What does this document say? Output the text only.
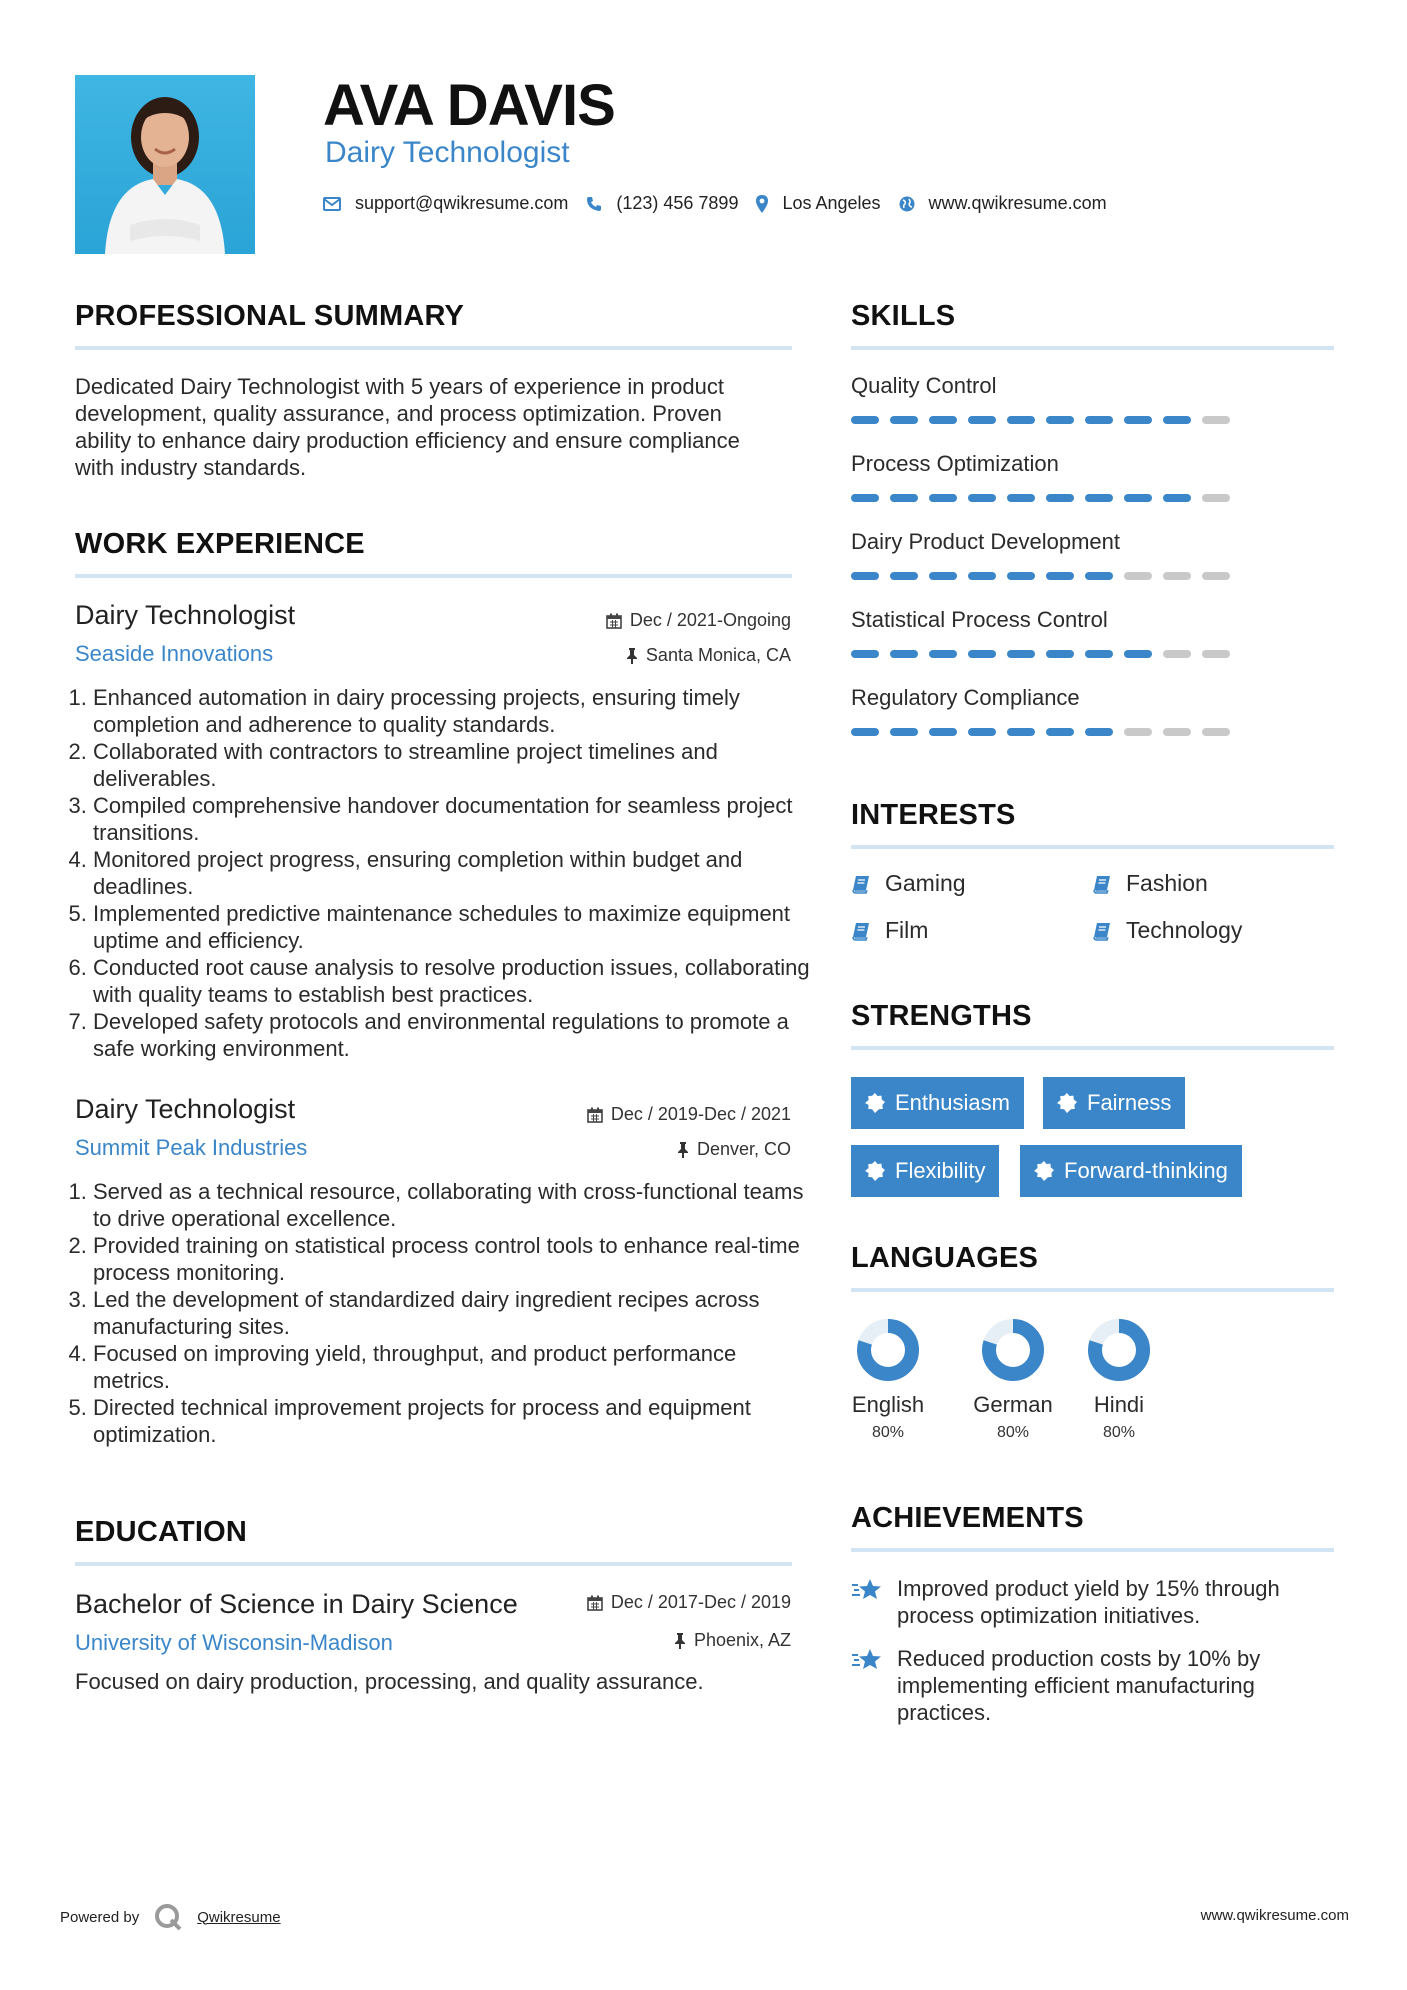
AVA DAVIS
Dairy Technologist
support@qwikresume.com	(123) 456 7899 Los Angeles	www.qwikresume.com
PROFESSIONAL SUMMARY
Dedicated Dairy Technologist with 5 years of experience in product
development, quality assurance, and process optimization. Proven
ability to enhance dairy production efficiency and ensure compliance
with industry standards.
WORK EXPERIENCE
Dairy Technologist	Dec / 2021-Ongoing
Seaside Innovations	Santa Monica, CA
1. Enhanced automation in dairy processing projects, ensuring timely completion and adherence to quality standards.
2. Collaborated with contractors to streamline project timelines and deliverables.
3. Compiled comprehensive handover documentation for seamless project transitions.
4. Monitored project progress, ensuring completion within budget and deadlines.
5. Implemented predictive maintenance schedules to maximize equipment uptime and efficiency.
6. Conducted root cause analysis to resolve production issues, collaborating with quality teams to establish best practices.
7. Developed safety protocols and environmental regulations to promote a safe working environment.
Dairy Technologist	Dec / 2019-Dec / 2021
Summit Peak Industries	Denver, CO
1. Served as a technical resource, collaborating with cross-functional teams to drive operational excellence.
2. Provided training on statistical process control tools to enhance real-time process monitoring.
3. Led the development of standardized dairy ingredient recipes across manufacturing sites.
4. Focused on improving yield, throughput, and product performance metrics.
5. Directed technical improvement projects for process and equipment optimization.
EDUCATION
Bachelor of Science in Dairy Science	Dec / 2017-Dec / 2019
University of Wisconsin-Madison	Phoenix, AZ
Focused on dairy production, processing, and quality assurance.
SKILLS
Quality Control
Process Optimization
Dairy Product Development
Statistical Process Control
Regulatory Compliance
INTERESTS
Gaming	Fashion
Film	Technology
STRENGTHS
Enthusiasm	Fairness
Flexibility	Forward-thinking
LANGUAGES
English
80%
German
80%
Hindi
80%
ACHIEVEMENTS
Improved product yield by 15% through
process optimization initiatives.
Reduced production costs by 10% by
implementing efficient manufacturing
practices.
Powered by	Qwikresume	www.qwikresume.com
